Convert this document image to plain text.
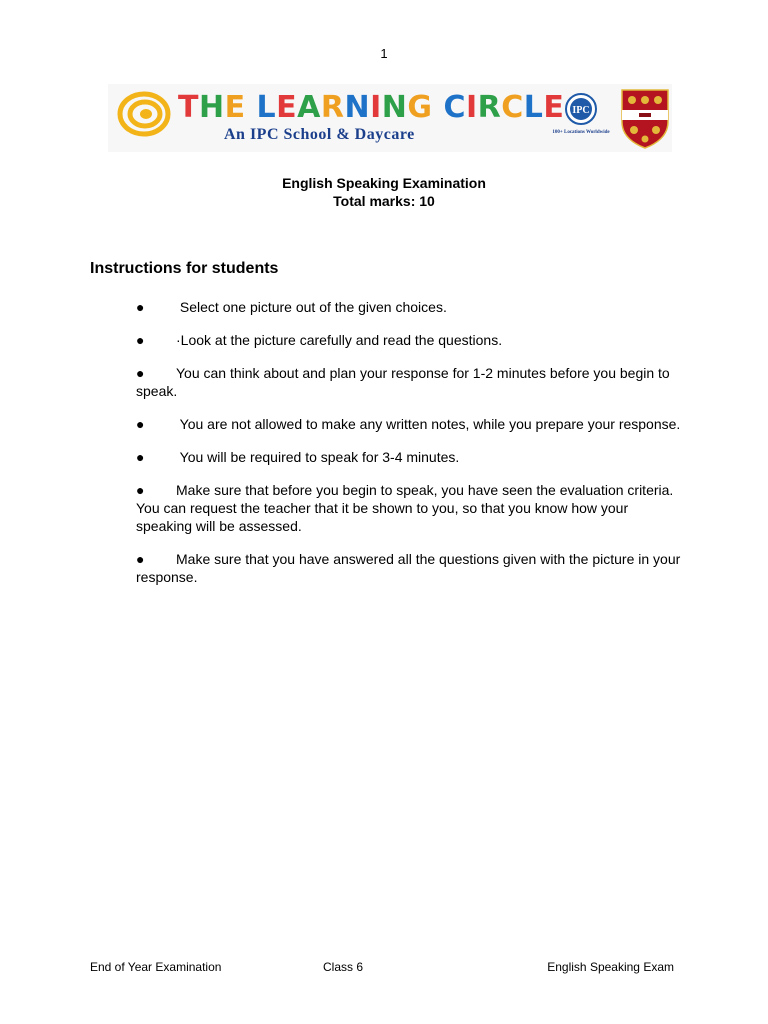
1
THE LEARNING CIRCLE
An IPC School & Daycare
IPC
100+ Locations Worldwide
English Speaking Examination
Total marks: 10
Instructions for students
● Select one picture out of the given choices.
● ·Look at the picture carefully and read the questions.
● You can think about and plan your response for 1-2 minutes before you begin to speak.
● You are not allowed to make any written notes, while you prepare your response.
● You will be required to speak for 3-4 minutes.
● Make sure that before you begin to speak, you have seen the evaluation criteria. You can request the teacher that it be shown to you, so that you know how your speaking will be assessed.
● Make sure that you have answered all the questions given with the picture in your response.
End of Year Examination	Class 6	English Speaking Exam
